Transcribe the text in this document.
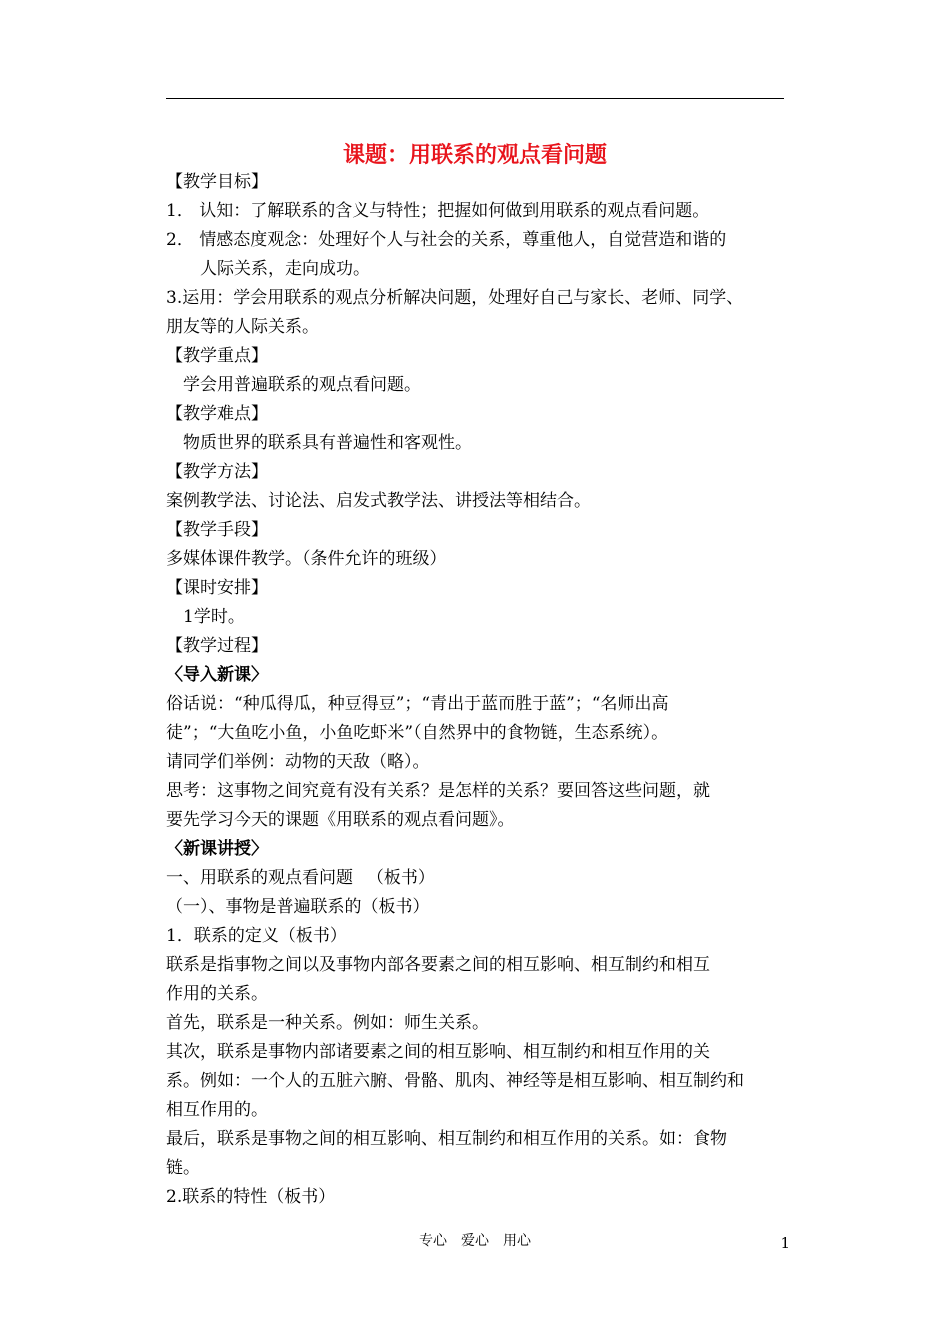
课题：用联系的观点看问题

【教学目标】

1． 认知：了解联系的含义与特性；把握如何做到用联系的观点看问题。

2． 情感态度观念：处理好个人与社会的关系，尊重他人，自觉营造和谐的

人际关系，走向成功。

3.运用：学会用联系的观点分析解决问题，处理好自己与家长、老师、同学、

朋友等的人际关系。

【教学重点】

学会用普遍联系的观点看问题。

【教学难点】

物质世界的联系具有普遍性和客观性。

【教学方法】

案例教学法、讨论法、启发式教学法、讲授法等相结合。

【教学手段】

多媒体课件教学。（条件允许的班级）

【课时安排】

1学时。

【教学过程】

〈导入新课〉

俗话说：“种瓜得瓜，种豆得豆”；“青出于蓝而胜于蓝”；“名师出高

徒”；“大鱼吃小鱼，小鱼吃虾米”（自然界中的食物链，生态系统）。

请同学们举例：动物的天敌（略）。

思考：这事物之间究竟有没有关系？是怎样的关系？要回答这些问题，就

要先学习今天的课题《用联系的观点看问题》。

〈新课讲授〉

一、用联系的观点看问题 　（板书）

（一）、事物是普遍联系的（板书）

1．联系的定义（板书）

联系是指事物之间以及事物内部各要素之间的相互影响、相互制约和相互

作用的关系。

首先，联系是一种关系。例如：师生关系。

其次，联系是事物内部诸要素之间的相互影响、相互制约和相互作用的关

系。例如：一个人的五脏六腑、骨骼、肌肉、神经等是相互影响、相互制约和

相互作用的。

最后，联系是事物之间的相互影响、相互制约和相互作用的关系。如：食物

链。

2.联系的特性（板书）

专心　爱心　用心	1
